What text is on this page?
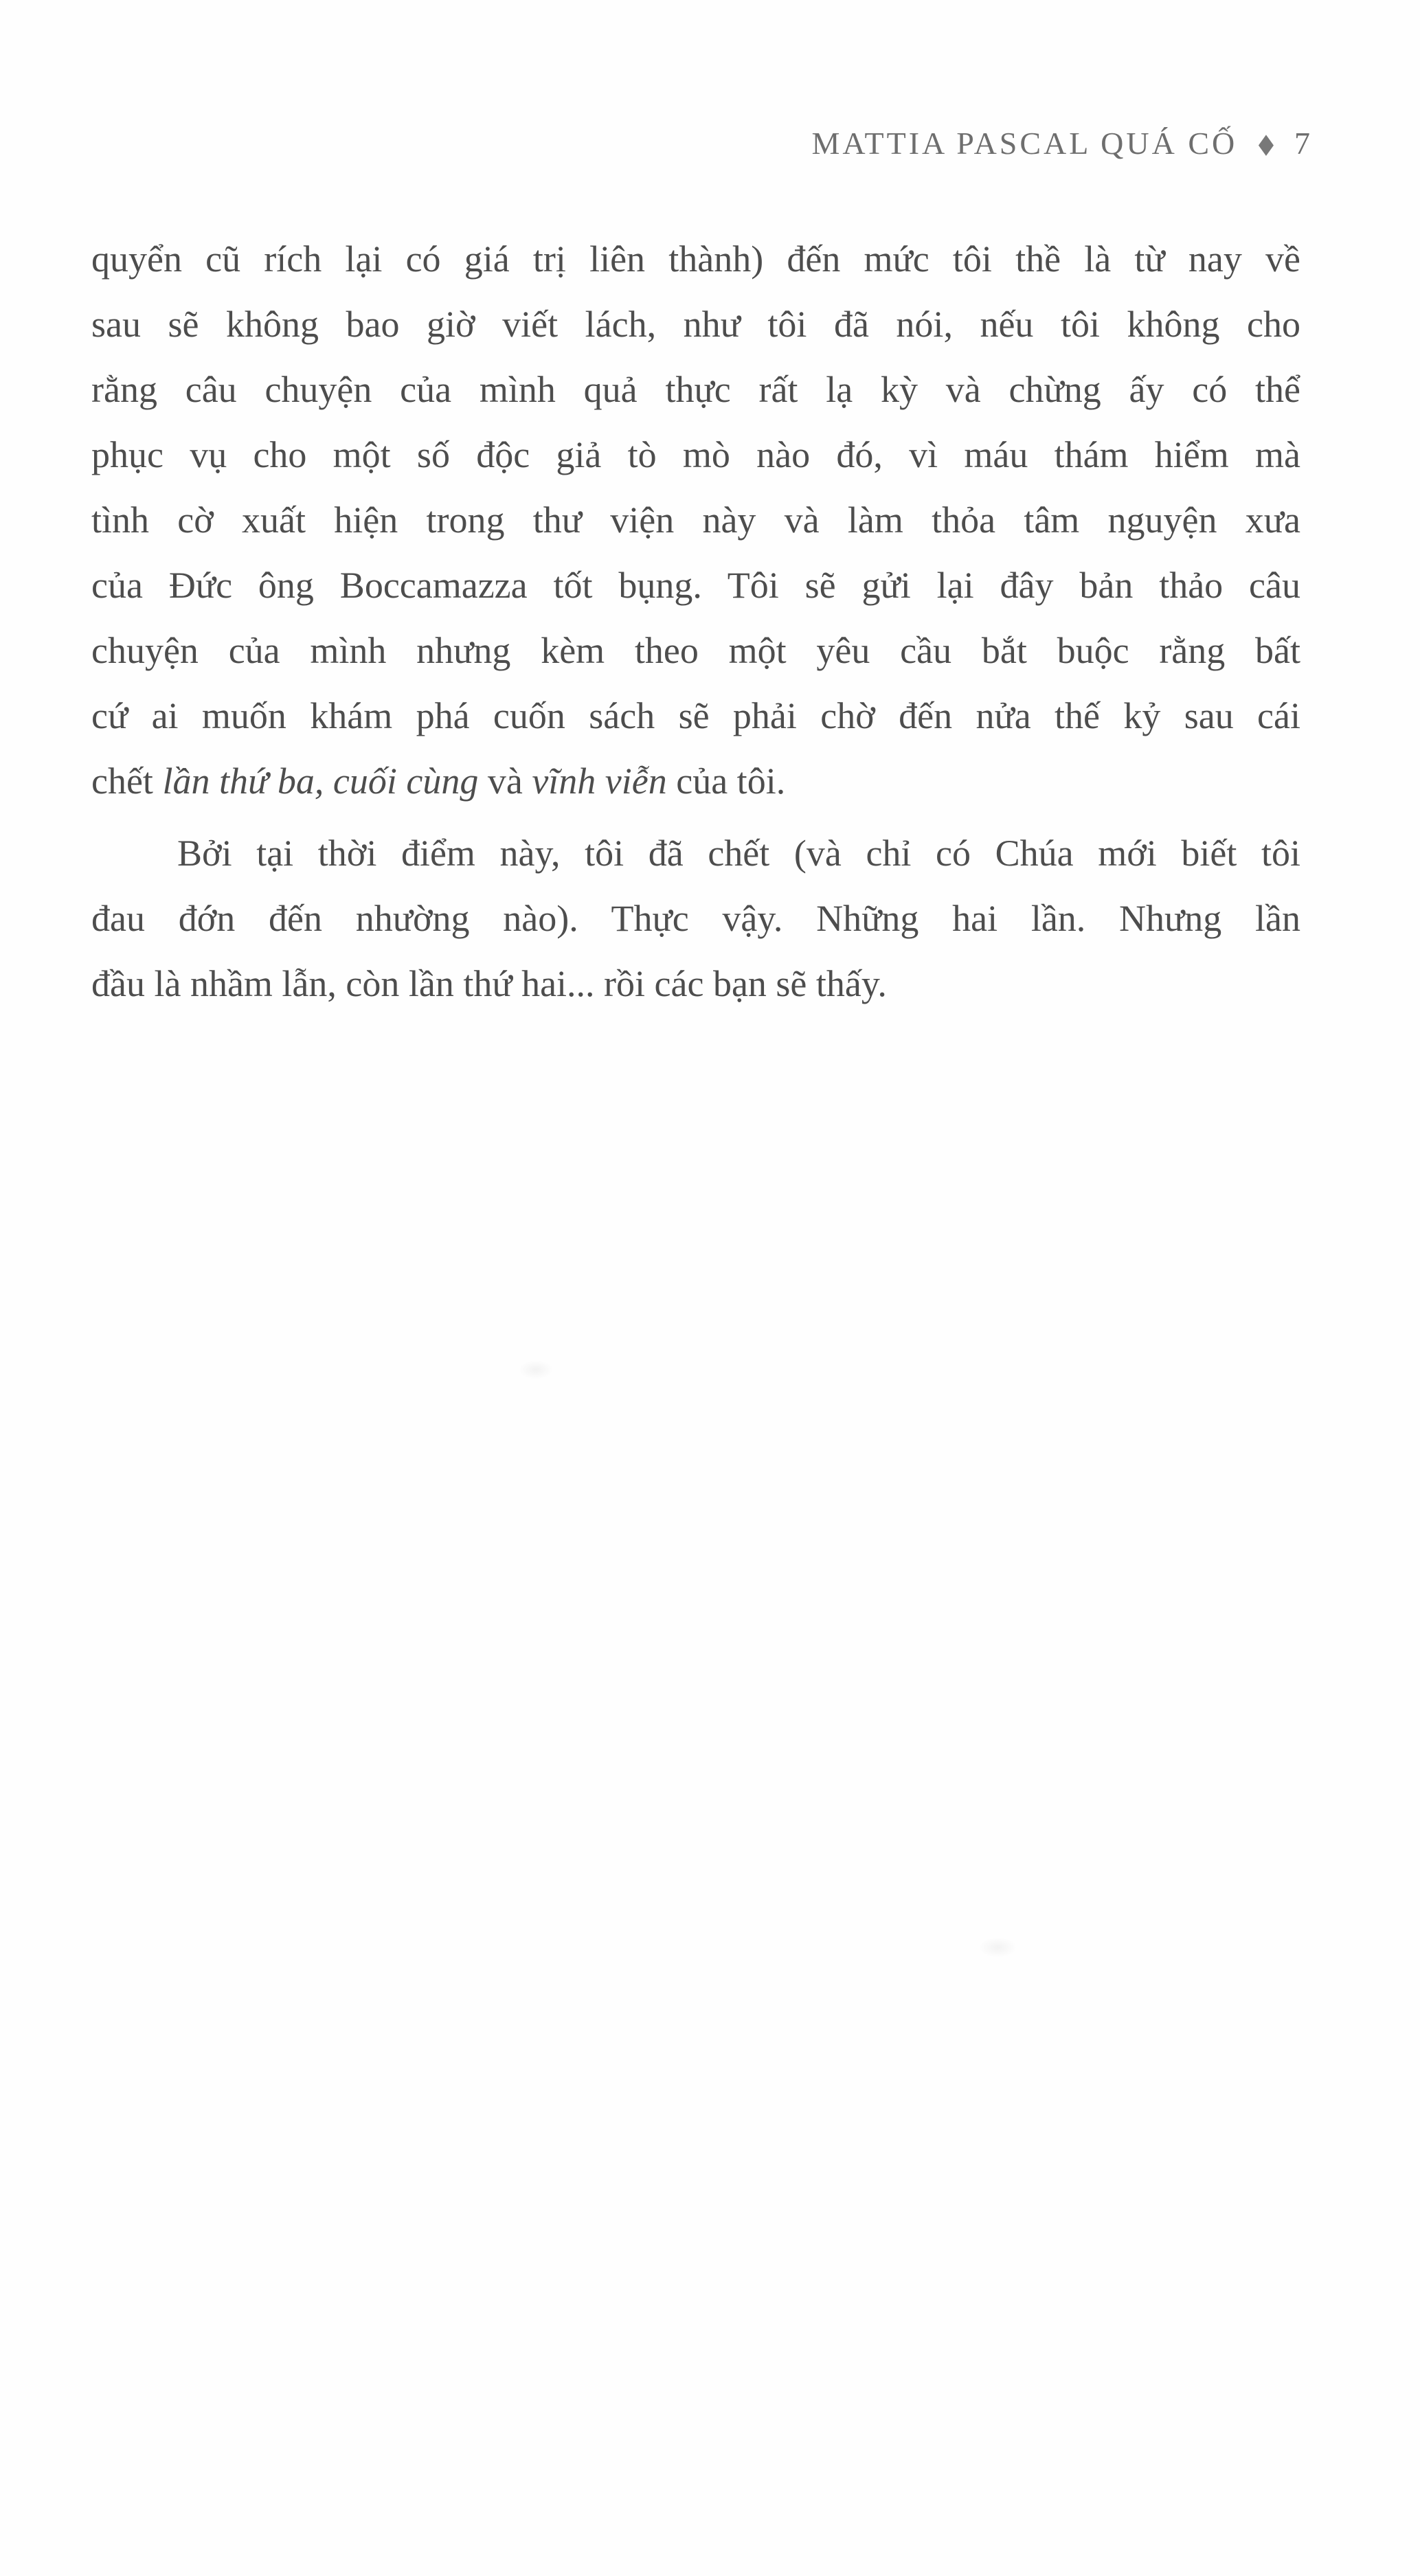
MATTIA PASCAL QUÁ CỐ ◆ 7
quyển cũ rích lại có giá trị liên thành) đến mức tôi thề là từ nay về
sau sẽ không bao giờ viết lách, như tôi đã nói, nếu tôi không cho
rằng câu chuyện của mình quả thực rất lạ kỳ và chừng ấy có thể
phục vụ cho một số độc giả tò mò nào đó, vì máu thám hiểm mà
tình cờ xuất hiện trong thư viện này và làm thỏa tâm nguyện xưa
của Đức ông Boccamazza tốt bụng. Tôi sẽ gửi lại đây bản thảo câu
chuyện của mình nhưng kèm theo một yêu cầu bắt buộc rằng bất
cứ ai muốn khám phá cuốn sách sẽ phải chờ đến nửa thế kỷ sau cái
chết lần thứ ba, cuối cùng và vĩnh viễn của tôi.
Bởi tại thời điểm này, tôi đã chết (và chỉ có Chúa mới biết tôi
đau đớn đến nhường nào). Thực vậy. Những hai lần. Nhưng lần
đầu là nhầm lẫn, còn lần thứ hai... rồi các bạn sẽ thấy.
